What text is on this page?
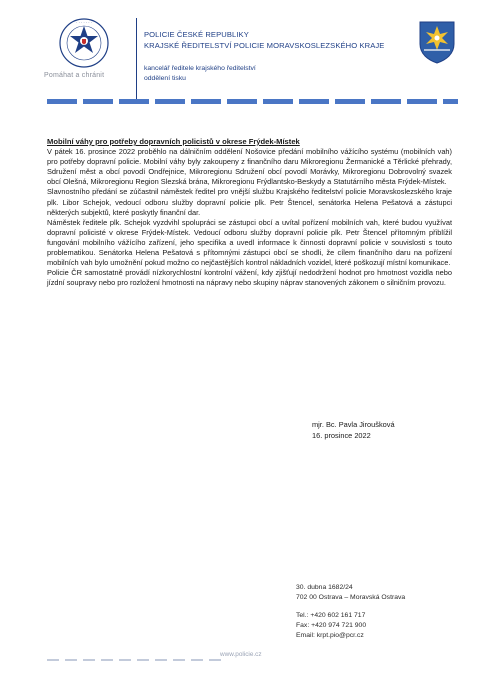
· · · · · · ·
Pomáhat a chránit
POLICIE ČESKÉ REPUBLIKY
KRAJSKÉ ŘEDITELSTVÍ POLICIE MORAVSKOSLEZSKÉHO KRAJE
kancelář ředitele krajského ředitelství
oddělení tisku

Mobilní váhy pro potřeby dopravních policistů v okrese Frýdek-Místek

V pátek 16. prosince 2022 proběhlo na dálničním oddělení Nošovice předání mobilního vážícího systému (mobilních vah) pro potřeby dopravní policie. Mobilní váhy byly zakoupeny z finančního daru Mikroregionu Žermanické a Těrlické přehrady, Sdružení měst a obcí povodí Ondřejnice, Mikroregionu Sdružení obcí povodí Morávky, Mikroregionu Dobrovolný svazek obcí Olešná, Mikroregionu Region Slezská brána, Mikroregionu Frýdlantsko-Beskydy a Statutárního města Frýdek-Místek.

Slavnostního předání se zúčastnil náměstek ředitel pro vnější službu Krajského ředitelství policie Moravskoslezského kraje plk. Libor Schejok, vedoucí odboru služby dopravní policie plk. Petr Štencel, senátorka Helena Pešatová a zástupci některých subjektů, které poskytly finanční dar.

Náměstek ředitele plk. Schejok vyzdvihl spolupráci se zástupci obcí a uvítal pořízení mobilních vah, které budou využívat dopravní policisté v okrese Frýdek-Místek. Vedoucí odboru služby dopravní policie plk. Petr Štencel přítomným přiblížil fungování mobilního vážícího zařízení, jeho specifika a uvedl informace k činnosti dopravní policie v souvislosti s touto problematikou. Senátorka Helena Pešatová s přítomnými zástupci obcí se shodli, že cílem finančního daru na pořízení mobilních vah bylo umožnění pokud možno co nejčastějších kontrol nákladních vozidel, které poškozují místní komunikace.

Policie ČR samostatně provádí nízkorychlostní kontrolní vážení, kdy zjišťují nedodržení hodnot pro hmotnost vozidla nebo jízdní soupravy nebo pro rozložení hmotnosti na nápravy nebo skupiny náprav stanovených zákonem o silničním provozu.

mjr. Bc. Pavla Jiroušková
16. prosince 2022
30. dubna 1682/24
702 00 Ostrava – Moravská Ostrava
Tel.: +420 602 161 717
Fax: +420 974 721 900
Email: krpt.pio@pcr.cz
www.policie.cz
